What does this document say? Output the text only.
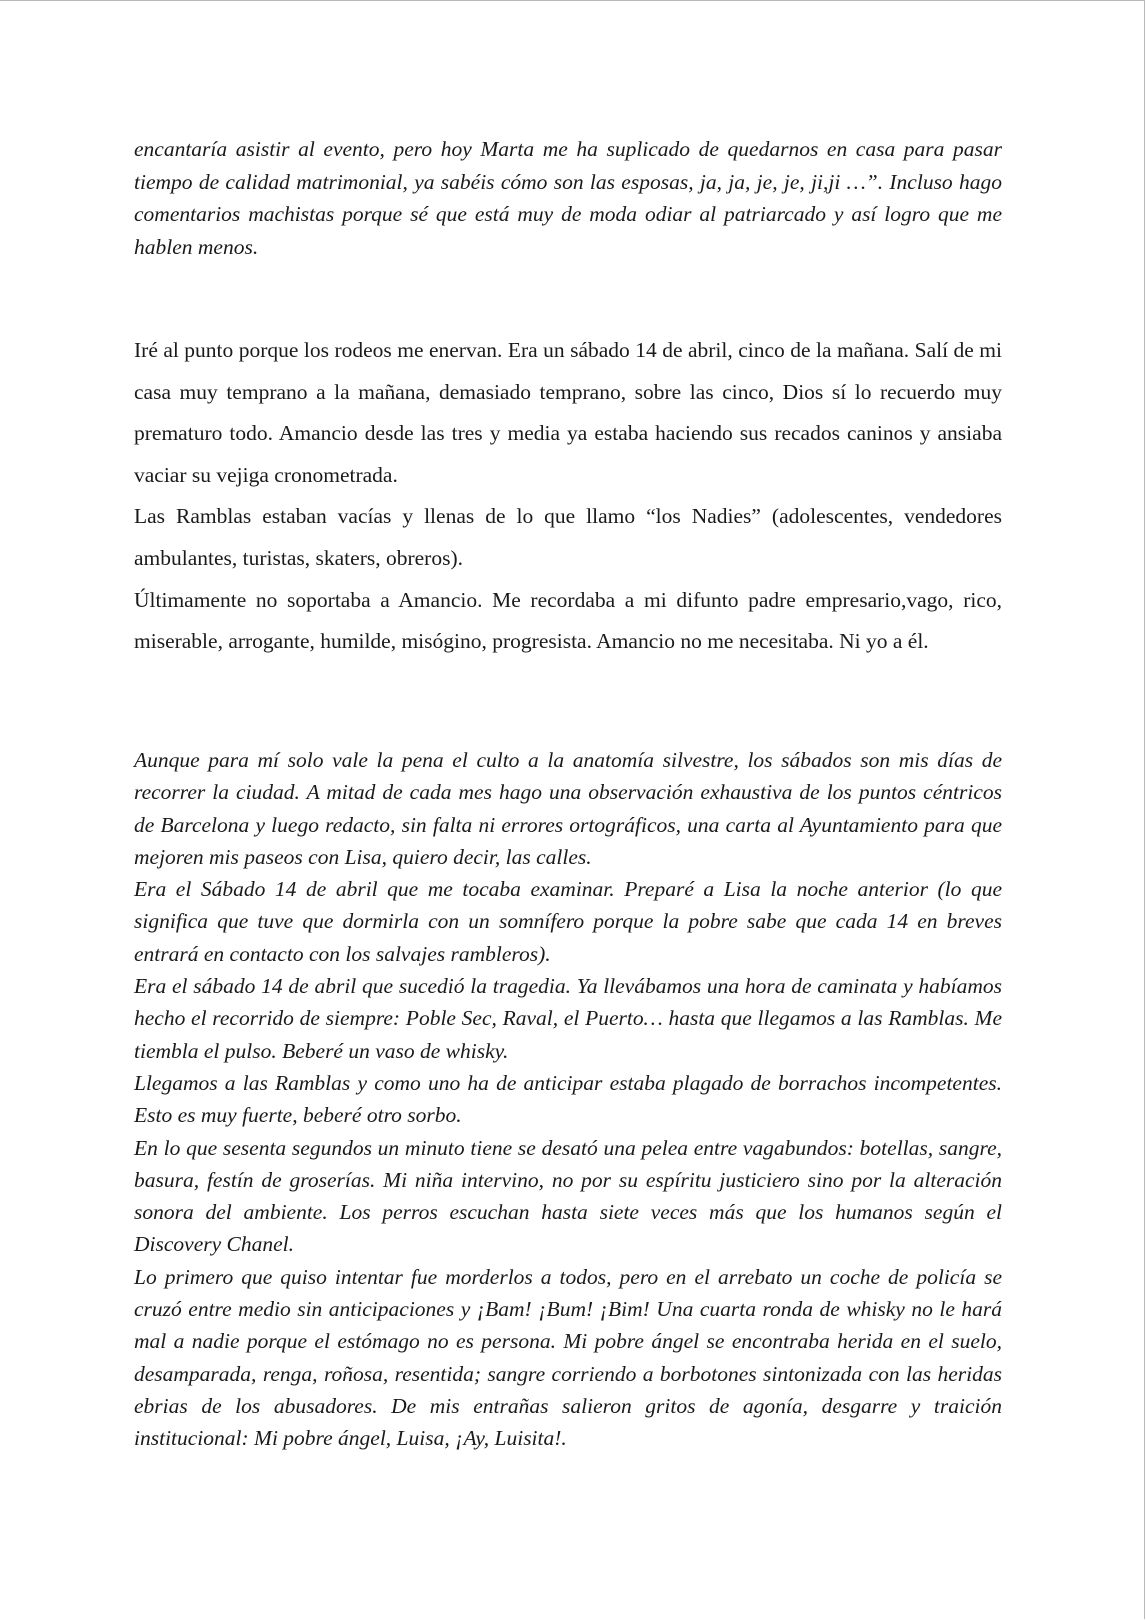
encantaría asistir al evento, pero hoy Marta me ha suplicado de quedarnos en casa para pasar tiempo de calidad matrimonial, ya sabéis cómo son las esposas, ja, ja, je, je, ji,ji …”. Incluso hago comentarios machistas porque sé que está muy de moda odiar al patriarcado y así logro que me hablen menos.

Iré al punto porque los rodeos me enervan. Era un sábado 14 de abril, cinco de la mañana. Salí de mi casa muy temprano a la mañana, demasiado temprano, sobre las cinco, Dios sí lo recuerdo muy prematuro todo. Amancio desde las tres y media ya estaba haciendo sus recados caninos y ansiaba vaciar su vejiga cronometrada.

Las Ramblas estaban vacías y llenas de lo que llamo “los Nadies” (adolescentes, vendedores ambulantes, turistas, skaters, obreros).

Últimamente no soportaba a Amancio. Me recordaba a mi difunto padre empresario,vago, rico, miserable, arrogante, humilde, misógino, progresista. Amancio no me necesitaba. Ni yo a él.

Aunque para mí solo vale la pena el culto a la anatomía silvestre, los sábados son mis días de recorrer la ciudad. A mitad de cada mes hago una observación exhaustiva de los puntos céntricos de Barcelona y luego redacto, sin falta ni errores ortográficos, una carta al Ayuntamiento para que mejoren mis paseos con Lisa, quiero decir, las calles.

Era el Sábado 14 de abril que me tocaba examinar. Preparé a Lisa la noche anterior (lo que significa que tuve que dormirla con un somnífero porque la pobre sabe que cada 14 en breves entrará en contacto con los salvajes rambleros).

Era el sábado 14 de abril que sucedió la tragedia. Ya llevábamos una hora de caminata y habíamos hecho el recorrido de siempre: Poble Sec, Raval, el Puerto… hasta que llegamos a las Ramblas. Me tiembla el pulso. Beberé un vaso de whisky.

Llegamos a las Ramblas y como uno ha de anticipar estaba plagado de borrachos incompetentes. Esto es muy fuerte, beberé otro sorbo.

En lo que sesenta segundos un minuto tiene se desató una pelea entre vagabundos: botellas, sangre, basura, festín de groserías. Mi niña intervino, no por su espíritu justiciero sino por la alteración sonora del ambiente. Los perros escuchan hasta siete veces más que los humanos según el Discovery Chanel.

Lo primero que quiso intentar fue morderlos a todos, pero en el arrebato un coche de policía se cruzó entre medio sin anticipaciones y ¡Bam! ¡Bum! ¡Bim! Una cuarta ronda de whisky no le hará mal a nadie porque el estómago no es persona. Mi pobre ángel se encontraba herida en el suelo, desamparada, renga, roñosa, resentida; sangre corriendo a borbotones sintonizada con las heridas ebrias de los abusadores. De mis entrañas salieron gritos de agonía, desgarre y traición institucional: Mi pobre ángel, Luisa, ¡Ay, Luisita!.
